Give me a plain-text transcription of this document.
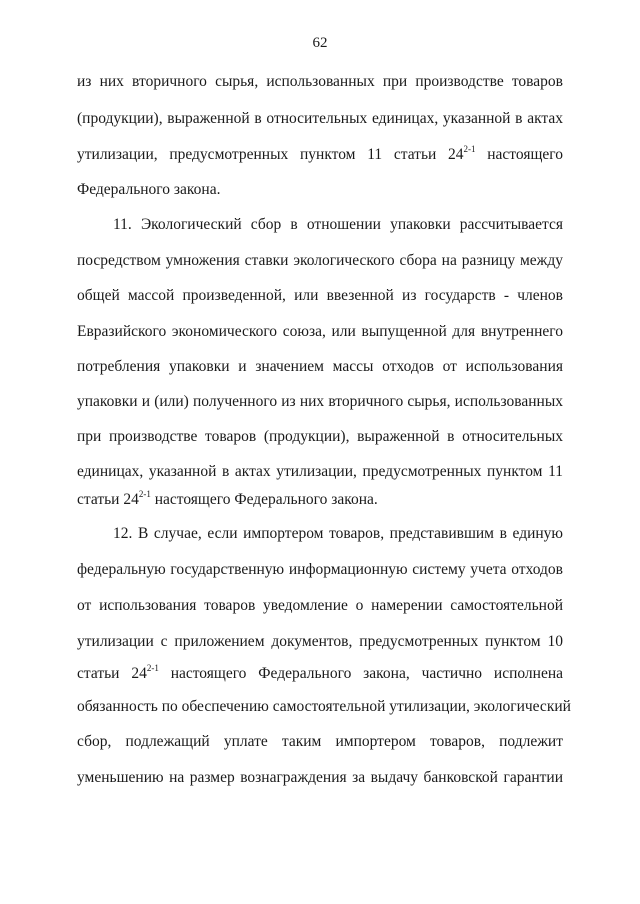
62
из них вторичного сырья, использованных при производстве товаров
(продукции), выраженной в относительных единицах, указанной в актах
утилизации, предусмотренных пунктом 11 статьи 24$^{2-1}$ настоящего
Федерального закона.
11. Экологический сбор в отношении упаковки рассчитывается
посредством умножения ставки экологического сбора на разницу между
общей массой произведенной, или ввезенной из государств - членов
Евразийского экономического союза, или выпущенной для внутреннего
потребления упаковки и значением массы отходов от использования
упаковки и (или) полученного из них вторичного сырья, использованных
при производстве товаров (продукции), выраженной в относительных
единицах, указанной в актах утилизации, предусмотренных пунктом 11
статьи 24$^{2-1}$ настоящего Федерального закона.
12. В случае, если импортером товаров, представившим в единую
федеральную государственную информационную систему учета отходов
от использования товаров уведомление о намерении самостоятельной
утилизации с приложением документов, предусмотренных пунктом 10
статьи 24$^{2-1}$ настоящего Федерального закона, частично исполнена
обязанность по обеспечению самостоятельной утилизации, экологический
сбор, подлежащий уплате таким импортером товаров, подлежит
уменьшению на размер вознаграждения за выдачу банковской гарантии
